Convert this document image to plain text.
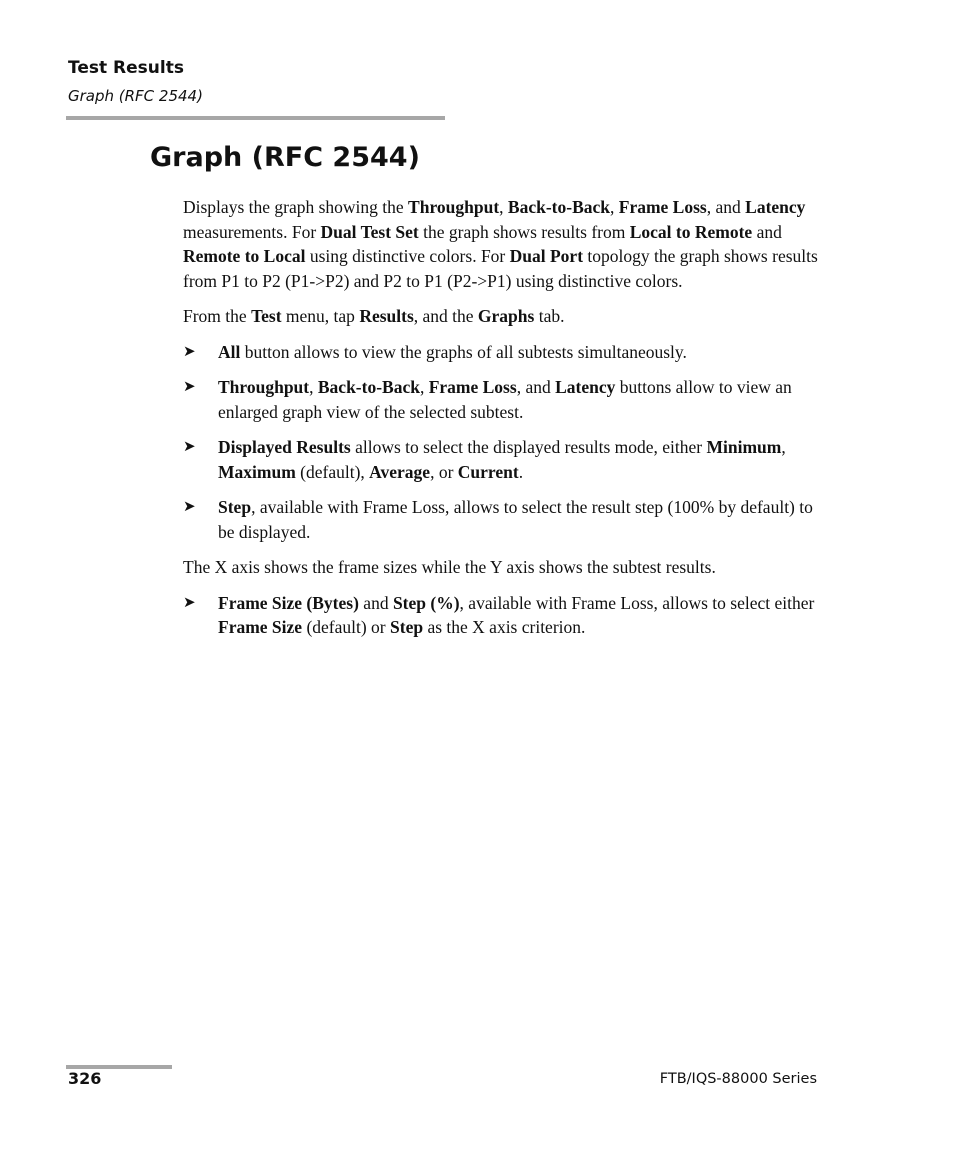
Test Results
Graph (RFC 2544)
Graph (RFC 2544)

Displays the graph showing the Throughput, Back-to-Back, Frame Loss, and Latency measurements. For Dual Test Set the graph shows results from Local to Remote and Remote to Local using distinctive colors. For Dual Port topology the graph shows results from P1 to P2 (P1->P2) and P2 to P1 (P2->P1) using distinctive colors.

From the Test menu, tap Results, and the Graphs tab.

➤ All button allows to view the graphs of all subtests simultaneously.
➤ Throughput, Back-to-Back, Frame Loss, and Latency buttons allow to view an enlarged graph view of the selected subtest.
➤ Displayed Results allows to select the displayed results mode, either Minimum, Maximum (default), Average, or Current.
➤ Step, available with Frame Loss, allows to select the result step (100% by default) to be displayed.

The X axis shows the frame sizes while the Y axis shows the subtest results.

➤ Frame Size (Bytes) and Step (%), available with Frame Loss, allows to select either Frame Size (default) or Step as the X axis criterion.
326	FTB/IQS-88000 Series
